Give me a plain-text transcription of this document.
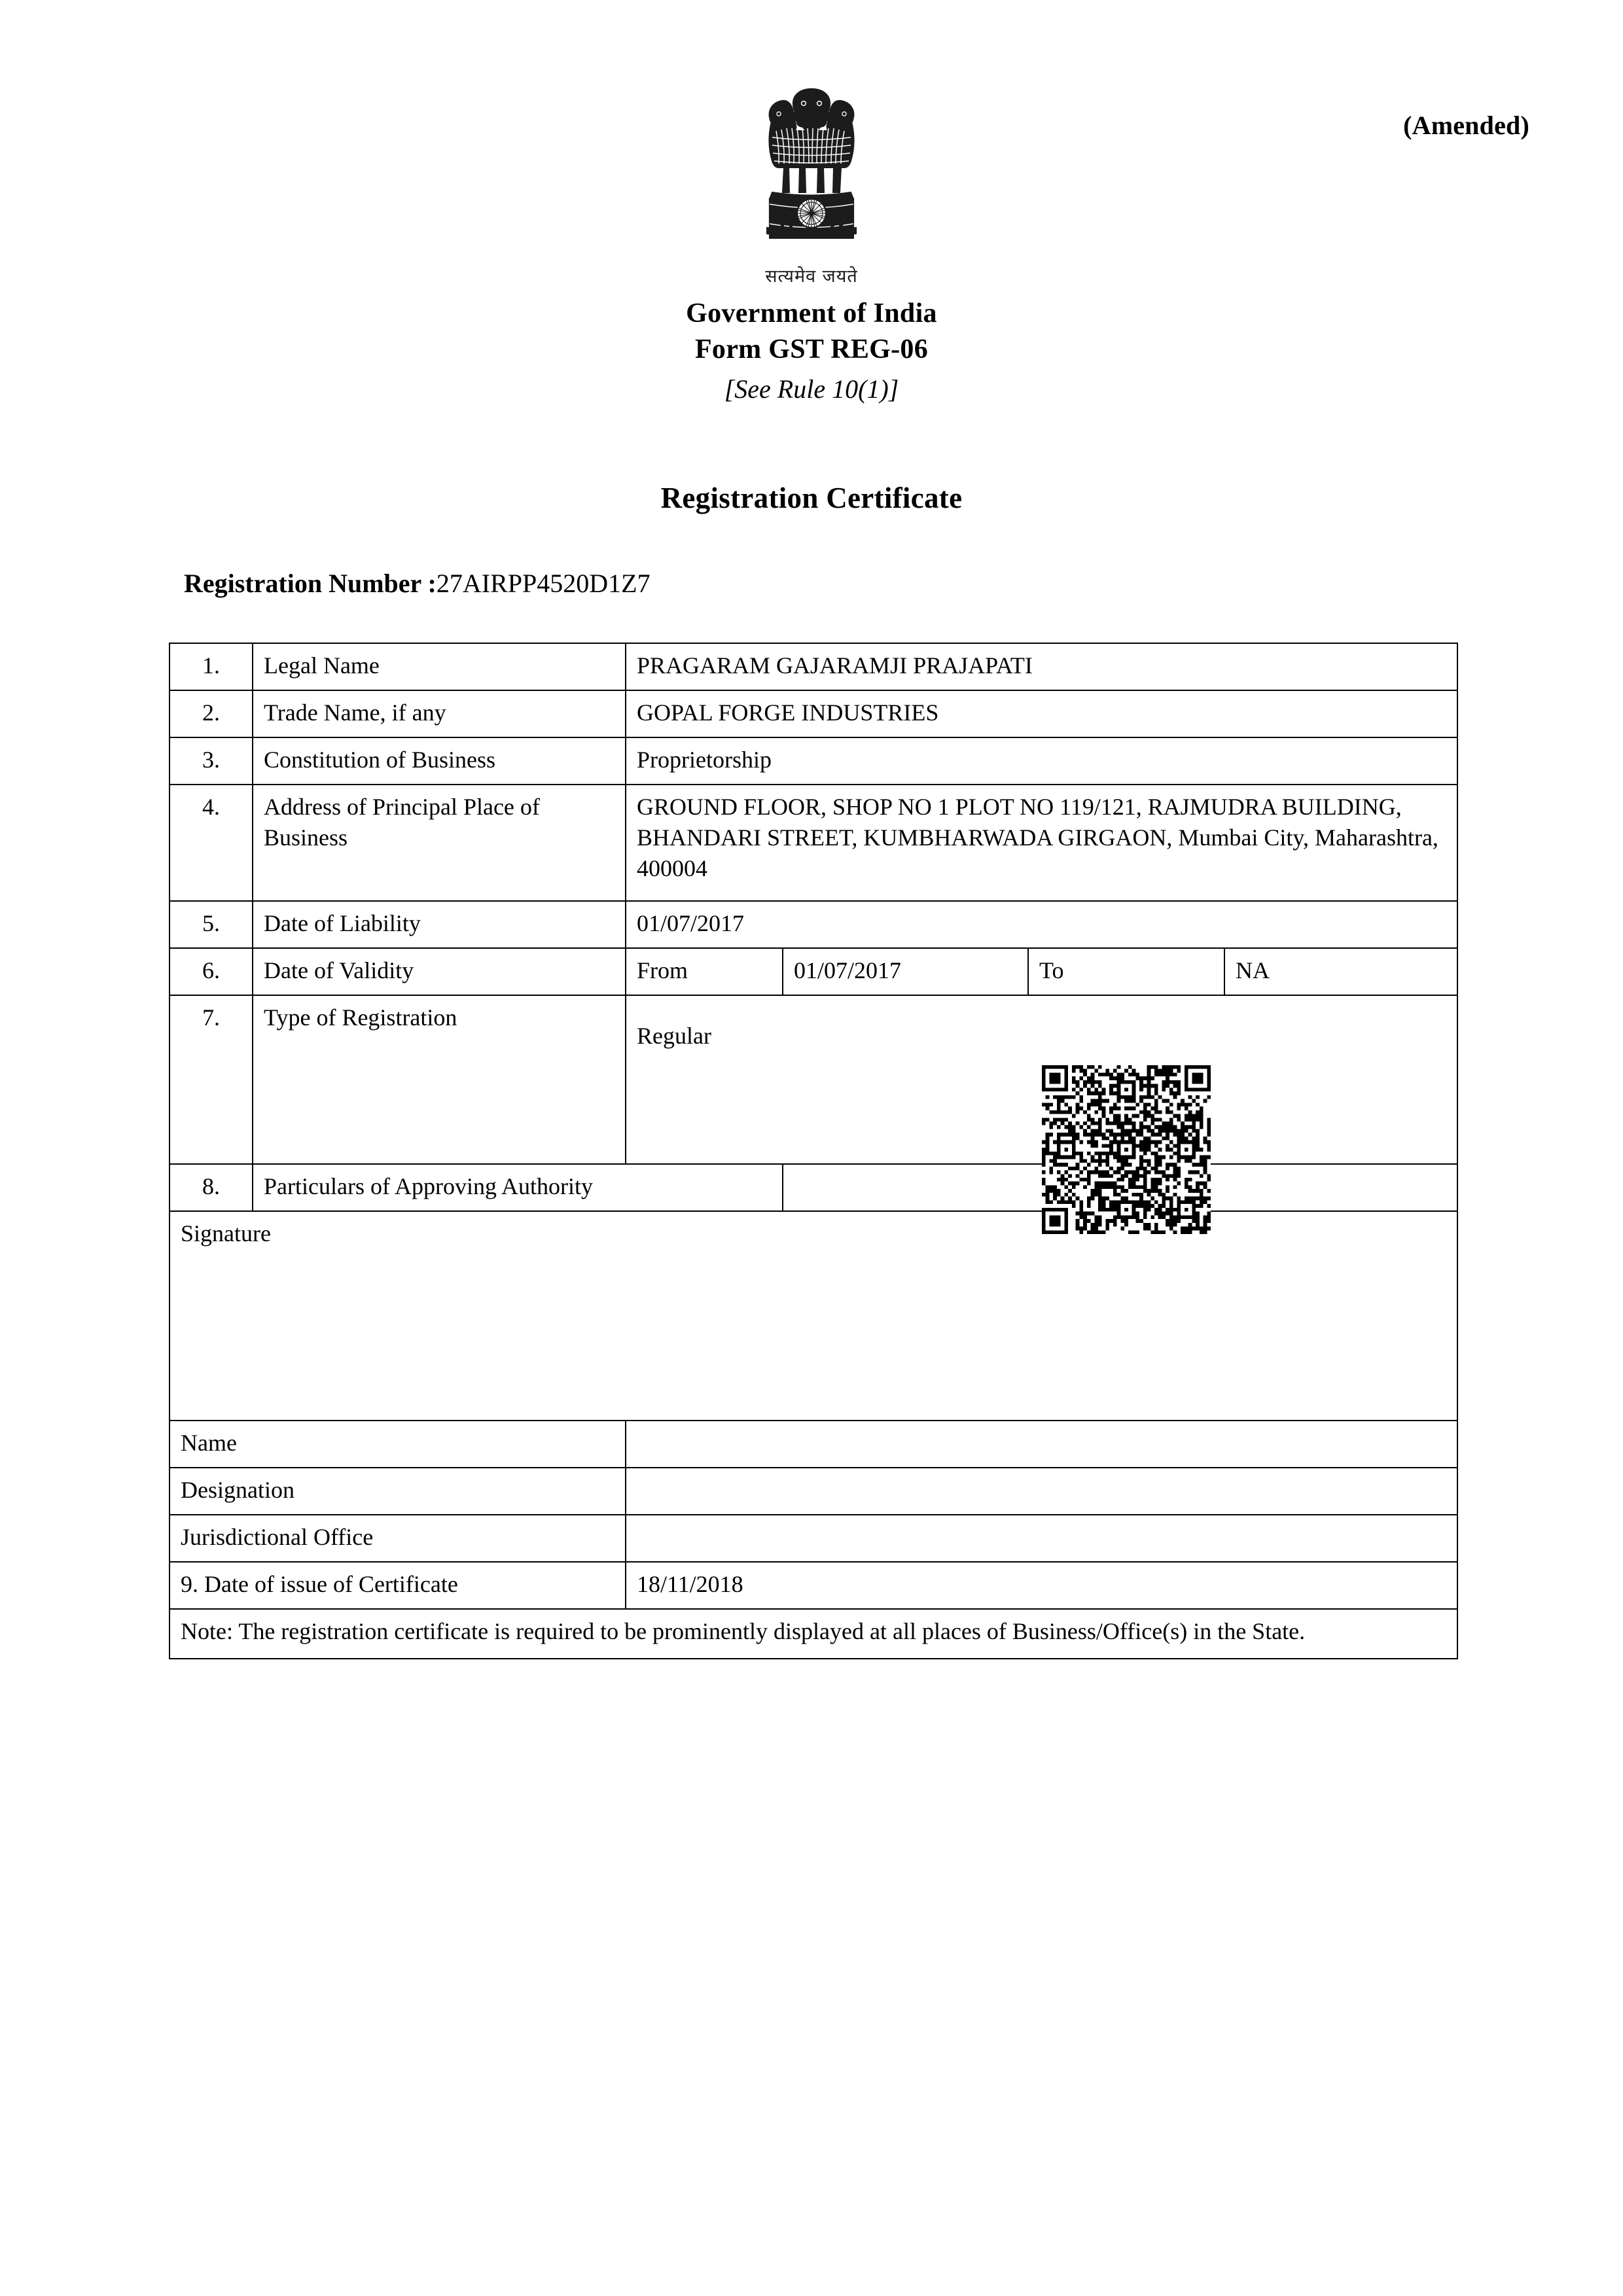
(Amended)
सत्यमेव जयते
Government of India
Form GST REG-06
[See Rule 10(1)]
Registration Certificate
Registration Number :27AIRPP4520D1Z7
1.	Legal Name	PRAGARAM GAJARAMJI PRAJAPATI			
2.	Trade Name, if any	GOPAL FORGE INDUSTRIES			
3.	Constitution of Business	Proprietorship			
4.	Address of Principal Place of Business	GROUND FLOOR, SHOP NO 1 PLOT NO 119/121, RAJMUDRA BUILDING, BHANDARI STREET, KUMBHARWADA GIRGAON, Mumbai City, Maharashtra, 400004			
5.	Date of Liability	01/07/2017			
6.	Date of Validity	From	01/07/2017	To	NA
7.	Type of Registration	Regular			

8.	Particulars of Approving Authority				
Signature					
Name					
Designation					
Jurisdictional Office					
9. Date of issue of Certificate		18/11/2018			
Note: The registration certificate is required to be prominently displayed at all places of Business/Office(s) in the State.					
